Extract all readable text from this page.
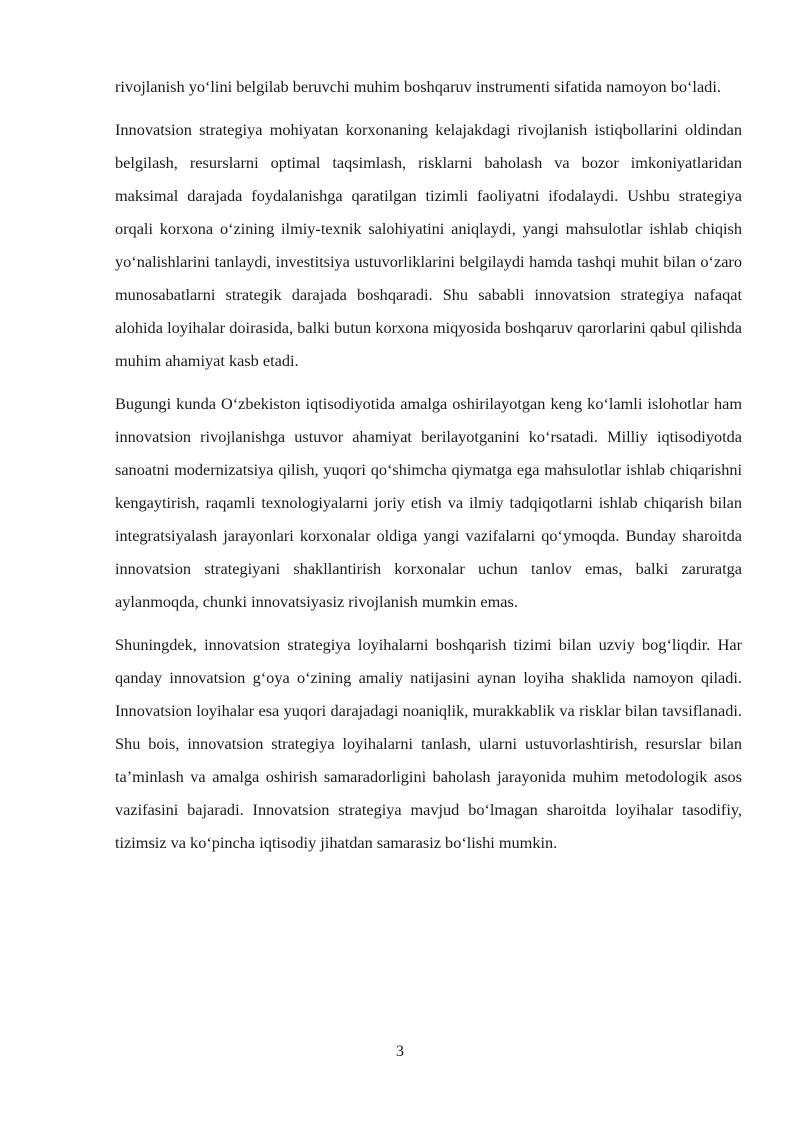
rivojlanish yo‘lini belgilab beruvchi muhim boshqaruv instrumenti sifatida namoyon bo‘ladi.

Innovatsion strategiya mohiyatan korxonaning kelajakdagi rivojlanish istiqbollarini oldindan belgilash, resurslarni optimal taqsimlash, risklarni baholash va bozor imkoniyatlaridan maksimal darajada foydalanishga qaratilgan tizimli faoliyatni ifodalaydi. Ushbu strategiya orqali korxona o‘zining ilmiy-texnik salohiyatini aniqlaydi, yangi mahsulotlar ishlab chiqish yo‘nalishlarini tanlaydi, investitsiya ustuvorliklarini belgilaydi hamda tashqi muhit bilan o‘zaro munosabatlarni strategik darajada boshqaradi. Shu sababli innovatsion strategiya nafaqat alohida loyihalar doirasida, balki butun korxona miqyosida boshqaruv qarorlarini qabul qilishda muhim ahamiyat kasb etadi.

Bugungi kunda O‘zbekiston iqtisodiyotida amalga oshirilayotgan keng ko‘lamli islohotlar ham innovatsion rivojlanishga ustuvor ahamiyat berilayotganini ko‘rsatadi. Milliy iqtisodiyotda sanoatni modernizatsiya qilish, yuqori qo‘shimcha qiymatga ega mahsulotlar ishlab chiqarishni kengaytirish, raqamli texnologiyalarni joriy etish va ilmiy tadqiqotlarni ishlab chiqarish bilan integratsiyalash jarayonlari korxonalar oldiga yangi vazifalarni qo‘ymoqda. Bunday sharoitda innovatsion strategiyani shakllantirish korxonalar uchun tanlov emas, balki zaruratga aylanmoqda, chunki innovatsiyasiz rivojlanish mumkin emas.

Shuningdek, innovatsion strategiya loyihalarni boshqarish tizimi bilan uzviy bog‘liqdir. Har qanday innovatsion g‘oya o‘zining amaliy natijasini aynan loyiha shaklida namoyon qiladi. Innovatsion loyihalar esa yuqori darajadagi noaniqlik, murakkablik va risklar bilan tavsiflanadi. Shu bois, innovatsion strategiya loyihalarni tanlash, ularni ustuvorlashtirish, resurslar bilan ta’minlash va amalga oshirish samaradorligini baholash jarayonida muhim metodologik asos vazifasini bajaradi. Innovatsion strategiya mavjud bo‘lmagan sharoitda loyihalar tasodifiy, tizimsiz va ko‘pincha iqtisodiy jihatdan samarasiz bo‘lishi mumkin.

3
